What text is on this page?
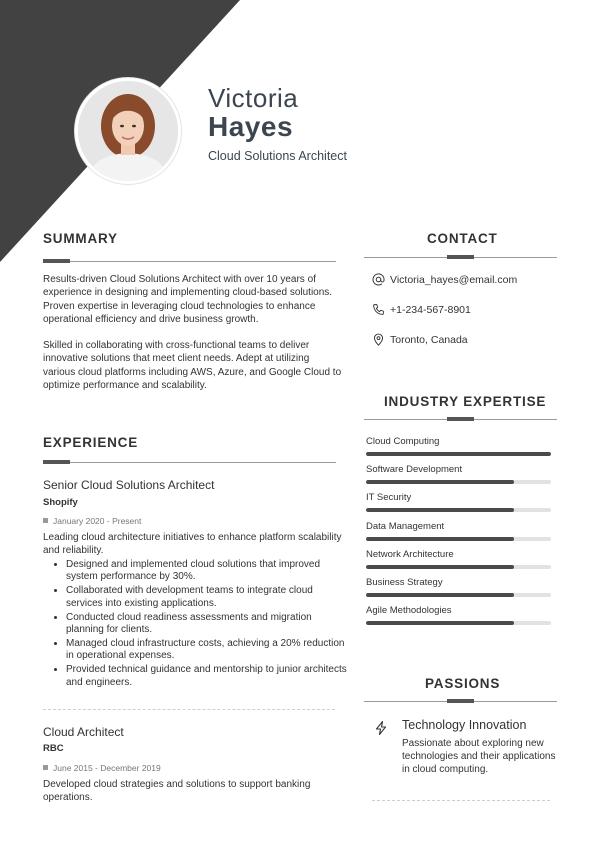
Victoria
Hayes
Cloud Solutions Architect
SUMMARY

Results-driven Cloud Solutions Architect with over 10 years of experience in designing and implementing cloud-based solutions. Proven expertise in leveraging cloud technologies to enhance operational efficiency and drive business growth.

Skilled in collaborating with cross-functional teams to deliver innovative solutions that meet client needs. Adept at utilizing various cloud platforms including AWS, Azure, and Google Cloud to optimize performance and scalability.

EXPERIENCE
Senior Cloud Solutions Architect
Shopify
January 2020 - Present

Leading cloud architecture initiatives to enhance platform scalability and reliability.

• Designed and implemented cloud solutions that improved system performance by 30%.
• Collaborated with development teams to integrate cloud services into existing applications.
• Conducted cloud readiness assessments and migration planning for clients.
• Managed cloud infrastructure costs, achieving a 20% reduction in operational expenses.
• Provided technical guidance and mentorship to junior architects and engineers.
Cloud Architect
RBC
June 2015 - December 2019

Developed cloud strategies and solutions to support banking operations.

CONTACT
Victoria_hayes@email.com
+1-234-567-8901
Toronto, Canada
INDUSTRY EXPERTISE
Cloud Computing
Software Development
IT Security
Data Management
Network Architecture
Business Strategy
Agile Methodologies
PASSIONS
Technology Innovation
Passionate about exploring new technologies and their applications in cloud computing.
